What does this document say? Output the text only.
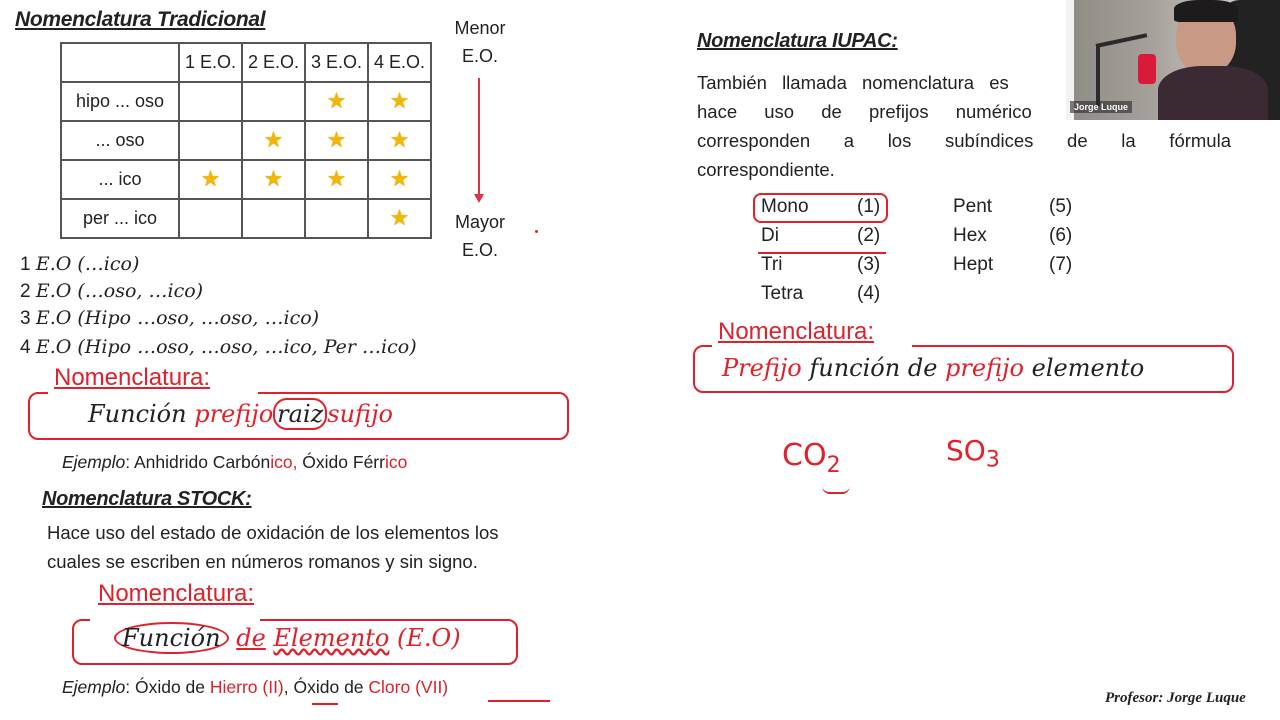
Nomenclatura Tradicional
	1 E.O.	2 E.O.	3 E.O.	4 E.O.
hipo ... oso			★	★
... oso		★	★	★
... ico	★	★	★	★
per ... ico				★
Menor
E.O.
Mayor
E.O.
1 E.O (…ico)
2 E.O (…oso, …ico)
3 E.O (Hipo …oso, …oso, …ico)
4 E.O (Hipo …oso, …oso, …ico, Per …ico)
Nomenclatura:
Función prefijo raiz sufijo
Ejemplo: Anhidrido Carbónico, Óxido Férrico
Nomenclatura STOCK:
Hace uso del estado de oxidación de los elementos los
cuales se escriben en números romanos y sin signo.
Nomenclatura:
Función de Elemento (E.O)
Ejemplo: Óxido de Hierro (II), Óxido de Cloro (VII)
Nomenclatura IUPAC:
También llamada nomenclatura es
hace uso de prefijos numérico
corresponden a los subíndices de la fórmula
correspondiente.
Mono	(1)
Di	(2)
Tri	(3)
Tetra	(4)
Pent	(5)
Hex	(6)
Hept	(7)
Nomenclatura:
Prefijo función de prefijo elemento
$CO_2$	$SO_3$
Jorge Luque
Profesor: Jorge Luque
